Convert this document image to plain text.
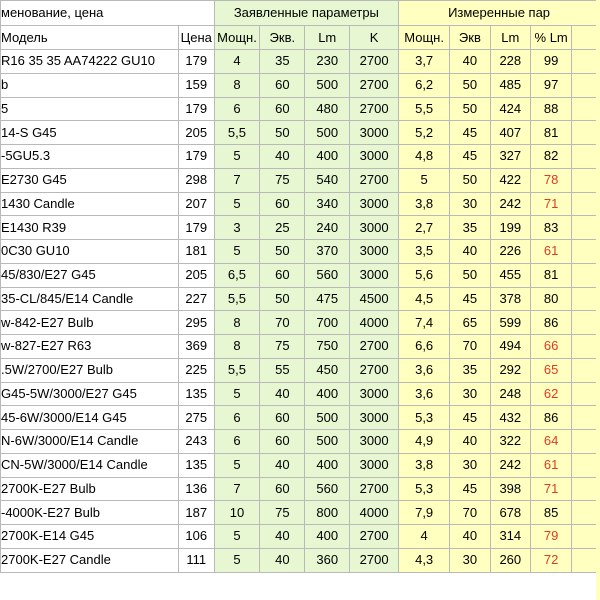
менование, цена		Заявленные параметры				Измеренные пар				
Модель	Цена	Мощн.	Экв.	Lm	K	Мощн.	Экв	Lm	% Lm	
R16 35 35 AA74222 GU10	179	4	35	230	2700	3,7	40	228	99	
b	159	8	60	500	2700	6,2	50	485	97	
5	179	6	60	480	2700	5,5	50	424	88	
14-S G45	205	5,5	50	500	3000	5,2	45	407	81	
-5GU5.3	179	5	40	400	3000	4,8	45	327	82	
E2730 G45	298	7	75	540	2700	5	50	422	78	
1430 Candle	207	5	60	340	3000	3,8	30	242	71	
E1430 R39	179	3	25	240	3000	2,7	35	199	83	
0C30 GU10	181	5	50	370	3000	3,5	40	226	61	
45/830/E27 G45	205	6,5	60	560	3000	5,6	50	455	81	
35-CL/845/E14 Candle	227	5,5	50	475	4500	4,5	45	378	80	
w-842-E27 Bulb	295	8	70	700	4000	7,4	65	599	86	
w-827-E27 R63	369	8	75	750	2700	6,6	70	494	66	
.5W/2700/E27 Bulb	225	5,5	55	450	2700	3,6	35	292	65	
G45-5W/3000/E27 G45	135	5	40	400	3000	3,6	30	248	62	
45-6W/3000/E14 G45	275	6	60	500	3000	5,3	45	432	86	
N-6W/3000/E14 Candle	243	6	60	500	3000	4,9	40	322	64	
CN-5W/3000/E14 Candle	135	5	40	400	3000	3,8	30	242	61	
2700K-E27 Bulb	136	7	60	560	2700	5,3	45	398	71	
-4000K-E27 Bulb	187	10	75	800	4000	7,9	70	678	85	
2700K-E14 G45	106	5	40	400	2700	4	40	314	79	
2700K-E27 Candle	111	5	40	360	2700	4,3	30	260	72	
